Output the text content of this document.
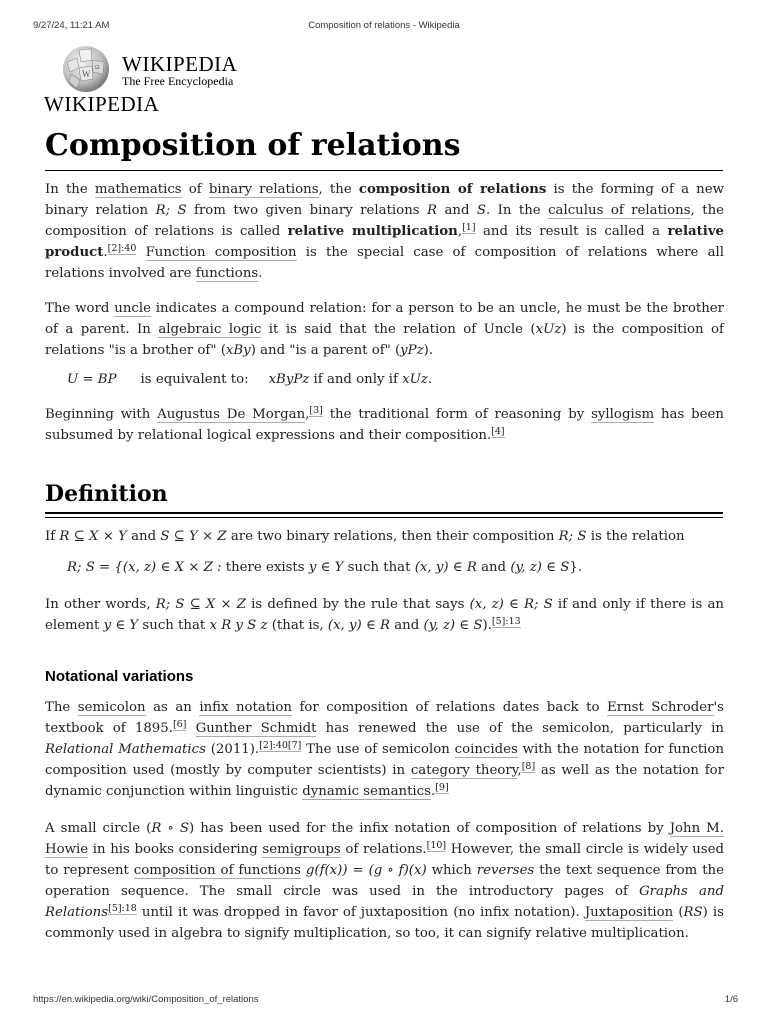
9/27/24, 11:21 AM	Composition of relations - Wikipedia
W
Ω WIKIPEDIA
The Free Encyclopedia
WIKIPEDIA
Composition of relations

In the mathematics of binary relations, the composition of relations is the forming of a new binary relation R; S from two given binary relations R and S. In the calculus of relations, the composition of relations is called relative multiplication,[1] and its result is called a relative product.$^{[2]:40}$ Function composition is the special case of composition of relations where all relations involved are functions.

The word uncle indicates a compound relation: for a person to be an uncle, he must be the brother of a parent. In algebraic logic it is said that the relation of Uncle (xUz) is the composition of relations "is a brother of" (xBy) and "is a parent of" (yPz).

U = BP is equivalent to: xByPz if and only if xUz.

Beginning with Augustus De Morgan,[3] the traditional form of reasoning by syllogism has been subsumed by relational logical expressions and their composition.[4]

Definition

If R ⊆ X × Y and S ⊆ Y × Z are two binary relations, then their composition R; S is the relation

R; S = {(x, z) ∈ X × Z : there exists y ∈ Y such that (x, y) ∈ R and (y, z) ∈ S}.

In other words, R; S ⊆ X × Z is defined by the rule that says (x, z) ∈ R; S if and only if there is an element y ∈ Y such that x R y S z (that is, (x, y) ∈ R and (y, z) ∈ S).$^{[5]:13}$

Notational variations

The semicolon as an infix notation for composition of relations dates back to Ernst Schroder's textbook of 1895.[6] Gunther Schmidt has renewed the use of the semicolon, particularly in Relational Mathematics (2011).[2]:40[7] The use of semicolon coincides with the notation for function composition used (mostly by computer scientists) in category theory,[8] as well as the notation for dynamic conjunction within linguistic dynamic semantics.[9]

A small circle (R ∘ S) has been used for the infix notation of composition of relations by John M. Howie in his books considering semigroups of relations.[10] However, the small circle is widely used to represent composition of functions g(f(x)) = (g ∘ f)(x) which reverses the text sequence from the operation sequence. The small circle was used in the introductory pages of Graphs and Relations$^{[5]:18}$ until it was dropped in favor of juxtaposition (no infix notation). Juxtaposition (RS) is commonly used in algebra to signify multiplication, so too, it can signify relative multiplication.

https://en.wikipedia.org/wiki/Composition_of_relations	1/6
